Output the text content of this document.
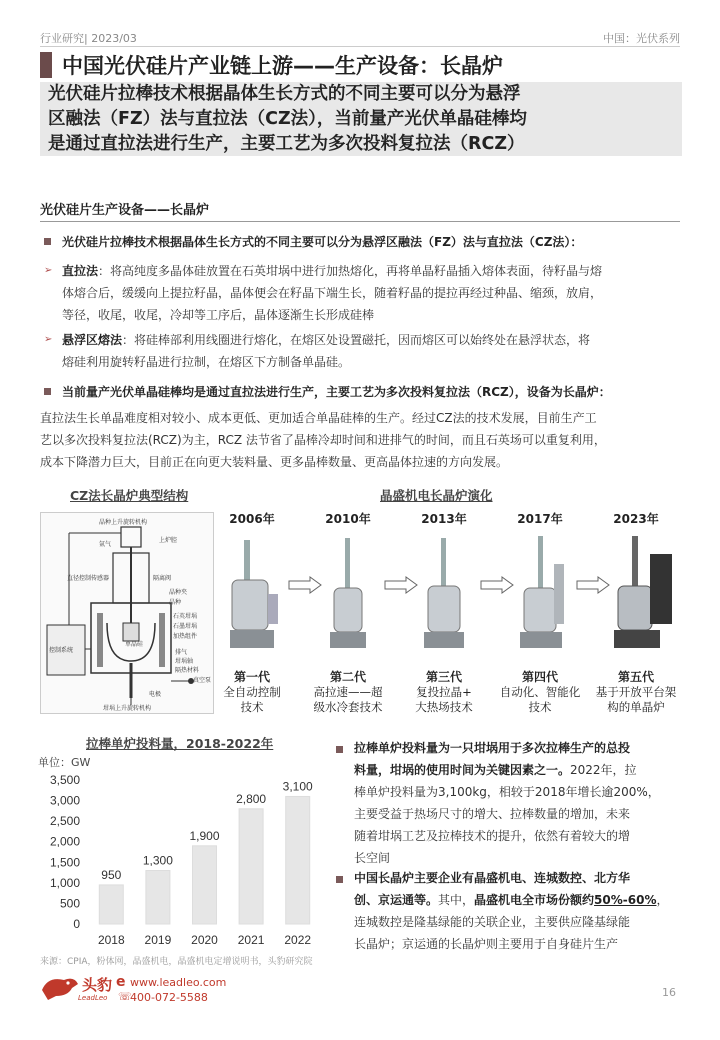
行业研究| 2023/03	中国：光伏系列
中国光伏硅片产业链上游——生产设备：长晶炉
光伏硅片拉棒技术根据晶体生长方式的不同主要可以分为悬浮
区融法（FZ）法与直拉法（CZ法），当前量产光伏单晶硅棒均
是通过直拉法进行生产，主要工艺为多次投料复拉法（RCZ）
光伏硅片生产设备——长晶炉
光伏硅片拉棒技术根据晶体生长方式的不同主要可以分为悬浮区融法（FZ）法与直拉法（CZ法）：
➢ 直拉法：将高纯度多晶体硅放置在石英坩埚中进行加热熔化，再将单晶籽晶插入熔体表面，待籽晶与熔
体熔合后，缓缓向上提拉籽晶，晶体便会在籽晶下端生长，随着籽晶的提拉再经过种晶、缩颈，放肩，
等径，收尾，收尾，冷却等工序后，晶体逐渐生长形成硅棒
➢ 悬浮区熔法：将硅棒部利用线圈进行熔化，在熔区处设置磁托，因而熔区可以始终处在悬浮状态，将
熔硅利用旋转籽晶进行拉制，在熔区下方制备单晶硅。
当前量产光伏单晶硅棒均是通过直拉法进行生产，主要工艺为多次投料复拉法（RCZ），设备为长晶炉：
直拉法生长单晶难度相对较小、成本更低、更加适合单晶硅棒的生产。经过CZ法的技术发展，目前生产工
艺以多次投料复拉法(RCZ)为主，RCZ 法节省了晶棒冷却时间和进排气的时间，而且石英场可以重复利用，
成本下降潜力巨大，目前正在向更大装料量、更多晶棒数量、更高晶体拉速的方向发展。
CZ法长晶炉典型结构	晶盛机电长晶炉演化
晶种上升旋转机构
氩气
上炉腔
直径控制传感器	隔离阀
晶种夹
晶种
石英坩埚
石墨坩埚
加热组件
排气
坩埚轴
隔热材料
真空泵
电极
坩埚上升旋转机构
控制系统
单晶硅
2006年	2010年	2013年	2017年	2023年
第一代
全自动控制
技术
第二代
高拉速——超
级水冷套技术
第三代
复投拉晶+
大热场技术
第四代
自动化、智能化
技术
第五代
基于开放平台架
构的单晶炉
拉棒单炉投料量，2018-2022年
单位：GW
0
500
1,000
1,500
2,000
2,500
3,000
3,500
950
2018
1,300
2019
1,900
2020
2,800
2021
3,100
2022
拉棒单炉投料量为一只坩埚用于多次拉棒生产的总投
料量，坩埚的使用时间为关键因素之一。2022年，拉
棒单炉投料量为3,100kg，相较于2018年增长逾200%，
主要受益于热场尺寸的增大、拉棒数量的增加，未来
随着坩埚工艺及拉棒技术的提升，依然有着较大的增
长空间
中国长晶炉主要企业有晶盛机电、连城数控、北方华
创、京运通等。其中，晶盛机电全市场份额约50%-60%，
连城数控是隆基绿能的关联企业，主要供应隆基绿能
长晶炉；京运通的长晶炉则主要用于自身硅片生产
来源：CPIA，粉体网，晶盛机电，晶盛机电定增说明书，头豹研究院
头豹
LeadLeo
e www.leadleo.com
☏
400-072-5588	16
